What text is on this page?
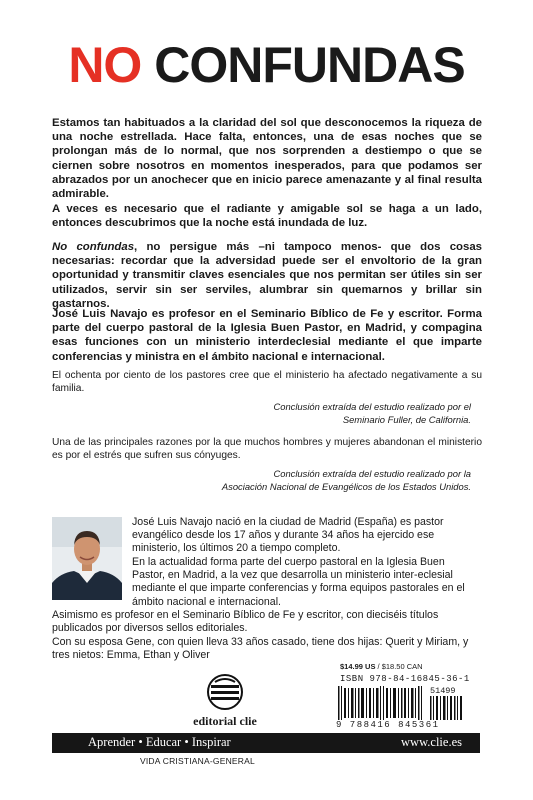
NO CONFUNDAS
Estamos tan habituados a la claridad del sol que desconocemos la riqueza de una noche estrellada. Hace falta, entonces, una de esas noches que se prolongan más de lo normal, que nos sorprenden a destiempo o que se ciernen sobre nosotros en momentos inesperados, para que podamos ser abrazados por un anochecer que en inicio parece amenazante y al final resulta admirable.
A veces es necesario que el radiante y amigable sol se haga a un lado, entonces descubrimos que la noche está inundada de luz.
No confundas, no persigue más –ni tampoco menos- que dos cosas necesarias: recordar que la adversidad puede ser el envoltorio de la gran oportunidad y transmitir claves esenciales que nos permitan ser útiles sin ser utilizados, servir sin ser serviles, alumbrar sin quemarnos y brillar sin gastarnos.
José Luis Navajo es profesor en el Seminario Bíblico de Fe y escritor. Forma parte del cuerpo pastoral de la Iglesia Buen Pastor, en Madrid, y compagina esas funciones con un ministerio interdeclesial mediante el que imparte conferencias y ministra en el ámbito nacional e internacional.
El ochenta por ciento de los pastores cree que el ministerio ha afectado negativamente a su familia.
Conclusión extraída del estudio realizado por el
Seminario Fuller, de California.
Una de las principales razones por la que muchos hombres y mujeres abandonan el ministerio es por el estrés que sufren sus cónyuges.
Conclusión extraída del estudio realizado por la
Asociación Nacional de Evangélicos de los Estados Unidos.
José Luis Navajo nació en la ciudad de Madrid (España) es pastor evangélico desde los 17 años y durante 34 años ha ejercido ese ministerio, los últimos 20 a tiempo completo.
En la actualidad forma parte del cuerpo pastoral en la Iglesia Buen Pastor, en Madrid, a la vez que desarrolla un ministerio inter-eclesial mediante el que imparte conferencias y forma equipos pastorales en el ámbito nacional e internacional.
Asimismo es profesor en el Seminario Bíblico de Fe y escritor, con dieciséis títulos publicados por diversos sellos editoriales.
Con su esposa Gene, con quien lleva 33 años casado, tiene dos hijas: Querit y Miriam, y tres nietos: Emma, Ethan y Oliver
editorial clie
$14.99 US / $18.50 CAN
ISBN 978-84-16845-36-1
51499
9 788416 845361
Aprender • Educar • Inspirar	www.clie.es
VIDA CRISTIANA-GENERAL
